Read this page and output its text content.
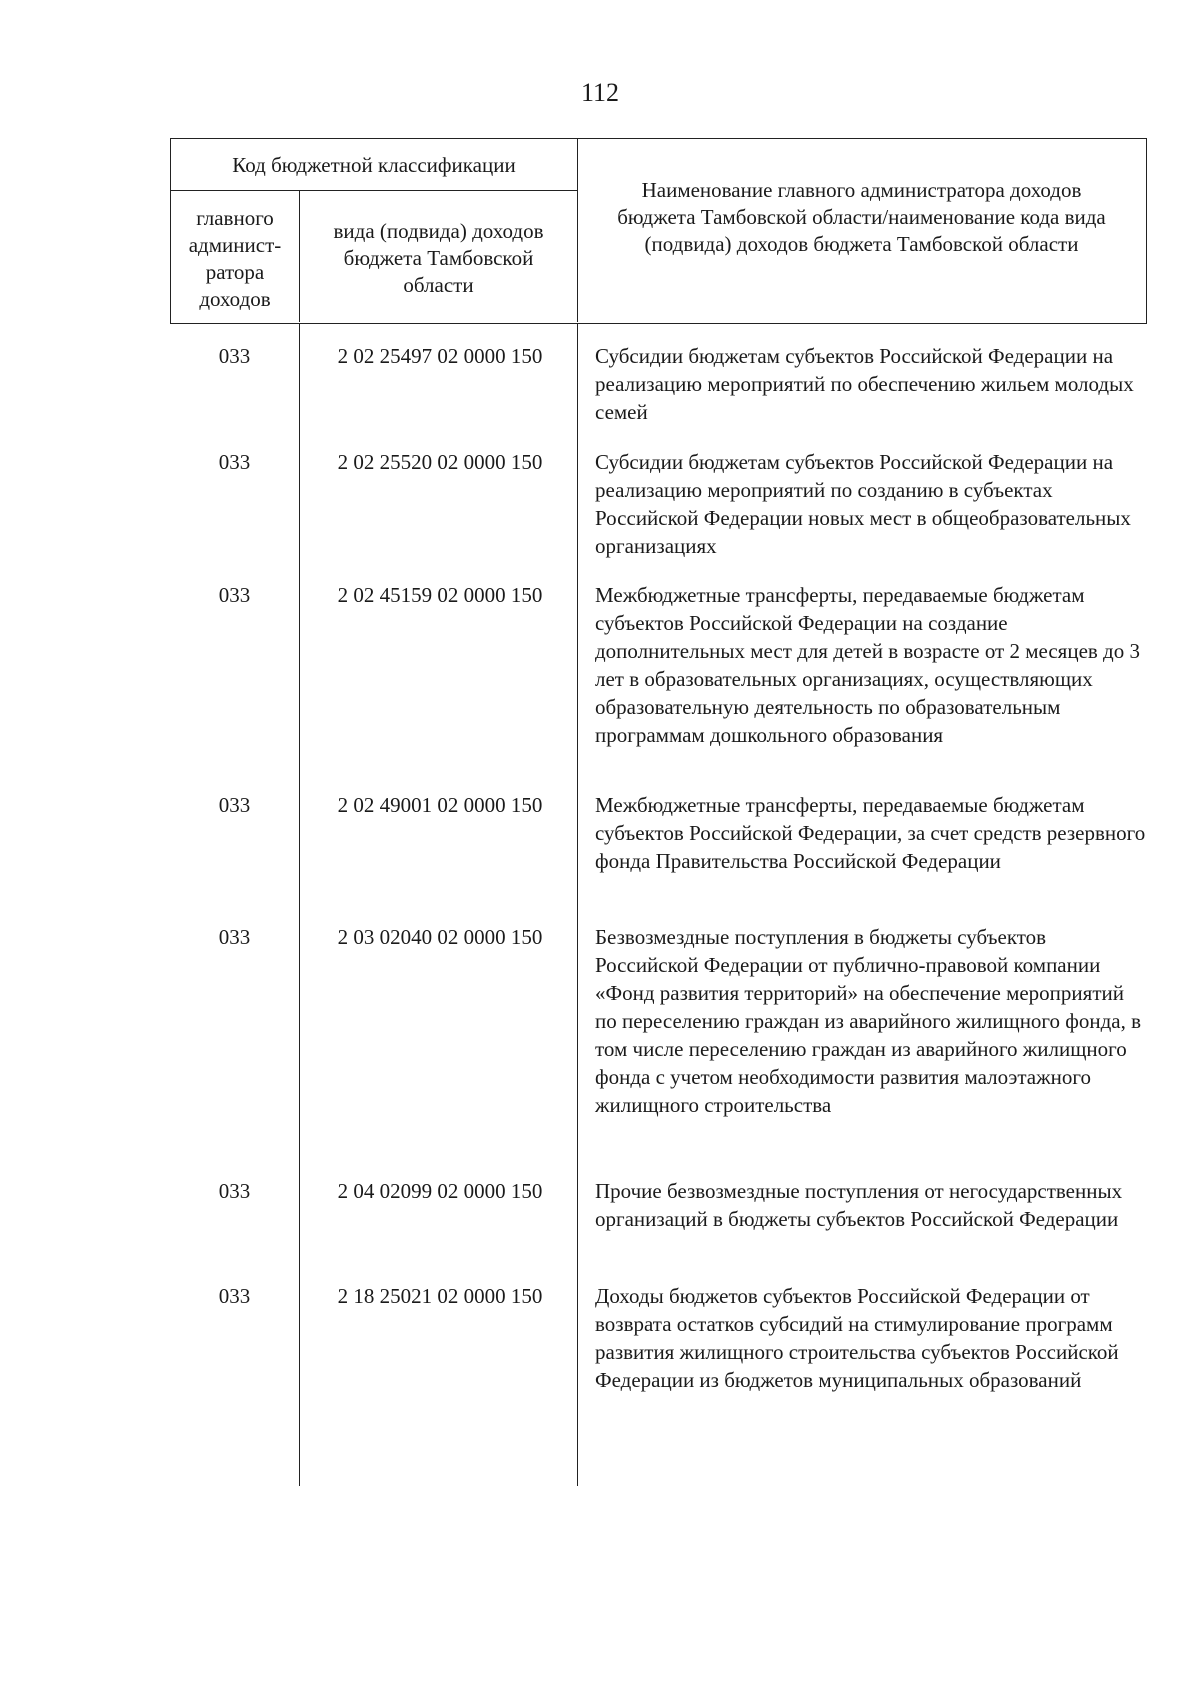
112
Код бюджетной классификации
главного админист-ратора доходов
вида (подвида) доходов бюджета Тамбовской области
Наименование главного администратора доходов бюджета Тамбовской области/наименование кода вида (подвида) доходов бюджета Тамбовской области
033	2 02 25497 02 0000 150	Субсидии бюджетам субъектов Российской Федерации на реализацию мероприятий по обеспечению жильем молодых семей
033	2 02 25520 02 0000 150	Субсидии бюджетам субъектов Российской Федерации на реализацию мероприятий по созданию в субъектах Российской Федерации новых мест в общеобразовательных организациях
033	2 02 45159 02 0000 150	Межбюджетные трансферты, передаваемые бюджетам субъектов Российской Федерации на создание дополнительных мест для детей в возрасте от 2 месяцев до 3 лет в образовательных организациях, осуществляющих образовательную деятельность по образовательным программам дошкольного образования
033	2 02 49001 02 0000 150	Межбюджетные трансферты, передаваемые бюджетам субъектов Российской Федерации, за счет средств резервного фонда Правительства Российской Федерации
033	2 03 02040 02 0000 150	Безвозмездные поступления в бюджеты субъектов Российской Федерации от публично-правовой компании «Фонд развития территорий» на обеспечение мероприятий по переселению граждан из аварийного жилищного фонда, в том числе переселению граждан из аварийного жилищного фонда с учетом необходимости развития малоэтажного жилищного строительства
033	2 04 02099 02 0000 150	Прочие безвозмездные поступления от негосударственных организаций в бюджеты субъектов Российской Федерации
033	2 18 25021 02 0000 150	Доходы бюджетов субъектов Российской Федерации от возврата остатков субсидий на стимулирование программ развития жилищного строительства субъектов Российской Федерации из бюджетов муниципальных образований
